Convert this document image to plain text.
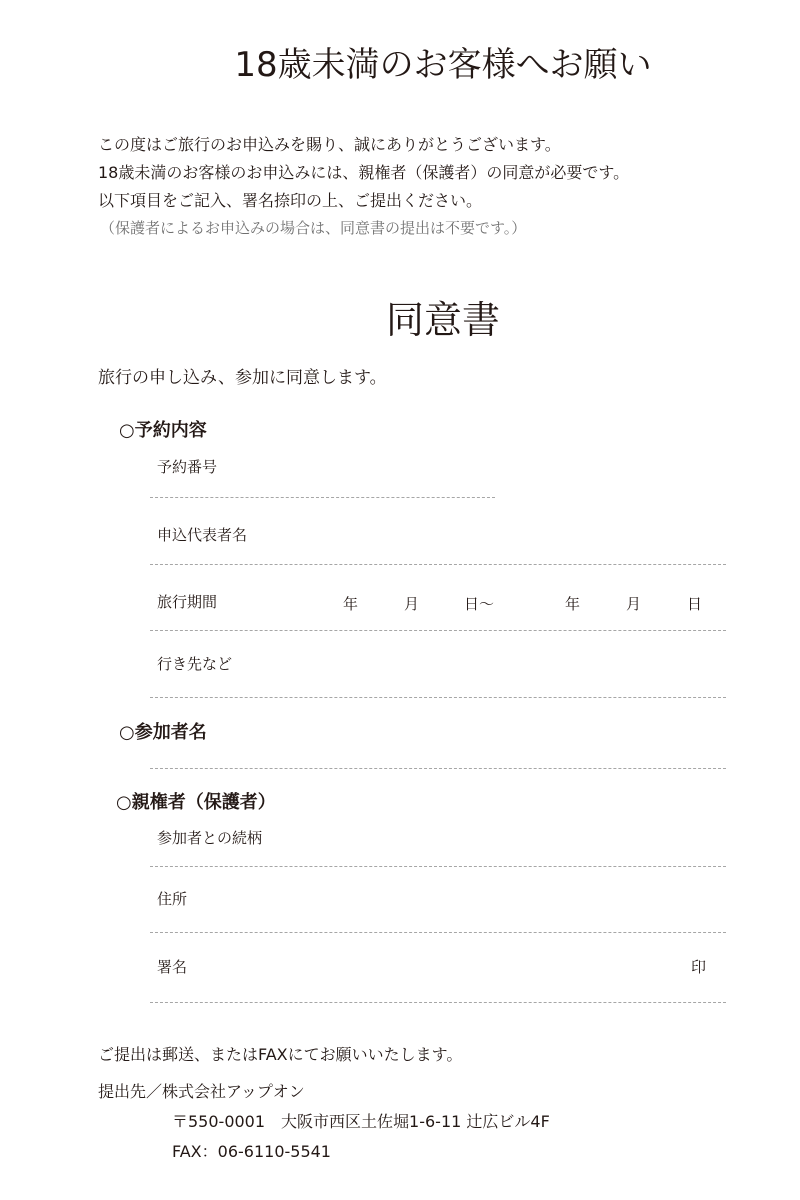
18歳未満のお客様へお願い
この度はご旅行のお申込みを賜り、誠にありがとうございます。
18歳未満のお客様のお申込みには、親権者（保護者）の同意が必要です。
以下項目をご記入、署名捺印の上、ご提出ください。
（保護者によるお申込みの場合は、同意書の提出は不要です。）
同意書
旅行の申し込み、参加に同意します。
○予約内容
予約番号
申込代表者名
旅行期間	年	月	日〜	年	月	日
行き先など
○参加者名
○親権者（保護者）
参加者との続柄
住所
署名	印
ご提出は郵送、またはFAXにてお願いいたします。
提出先／株式会社アップオン
〒550-0001　大阪市西区土佐堀1-6-11 辻広ビル4F
FAX：06-6110-5541
